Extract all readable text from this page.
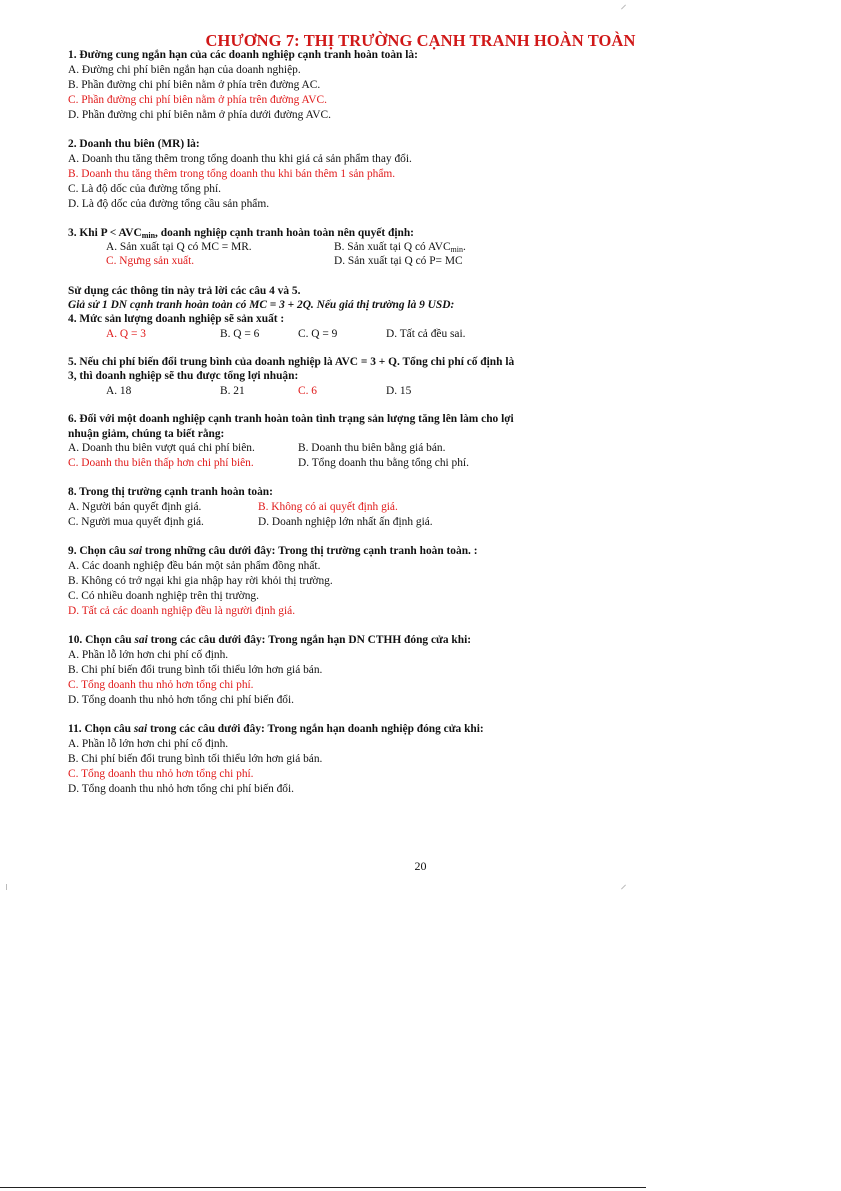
CHƯƠNG 7: THỊ TRƯỜNG CẠNH TRANH HOÀN TOÀN
1. Đường cung ngắn hạn của các doanh nghiệp cạnh tranh hoàn toàn là:
A. Đường chi phí biên ngắn hạn của doanh nghiệp.
B. Phần đường chi phí biên nằm ở phía trên đường AC.
C. Phần đường chi phí biên nằm ở phía trên đường AVC.
D. Phần đường chi phí biên nằm ở phía dưới đường AVC.
2. Doanh thu biên (MR) là:
A. Doanh thu tăng thêm trong tổng doanh thu khi giá cả sản phẩm thay đổi.
B. Doanh thu tăng thêm trong tổng doanh thu khi bán thêm 1 sản phẩm.
C. Là độ dốc của đường tổng phí.
D. Là độ dốc của đường tổng cầu sản phẩm.
3. Khi $P < AVC_{min}$, doanh nghiệp cạnh tranh hoàn toàn nên quyết định:
A. Sản xuất tại Q có MC = MR.	B. Sản xuất tại Q có $AVC_{min}$.
C. Ngưng sản xuất.	D. Sản xuất tại Q có P= MC
Sử dụng các thông tin này trả lời các câu 4 và 5.
Giả sử 1 DN cạnh tranh hoàn toàn có MC = 3 + 2Q. Nếu giá thị trường là 9 USD:
4. Mức sản lượng doanh nghiệp sẽ sản xuất :
A. Q = 3	B. Q = 6	C. Q = 9	D. Tất cả đều sai.
5. Nếu chi phí biến đổi trung bình của doanh nghiệp là AVC = 3 + Q. Tổng chi phí cố định là
3, thì doanh nghiệp sẽ thu được tổng lợi nhuận:
A. 18	B. 21	C. 6	D. 15
6. Đối với một doanh nghiệp cạnh tranh hoàn toàn tình trạng sản lượng tăng lên làm cho lợi
nhuận giảm, chúng ta biết rằng:
A. Doanh thu biên vượt quá chi phí biên.	B. Doanh thu biên bằng giá bán.
C. Doanh thu biên thấp hơn chi phí biên.	D. Tổng doanh thu bằng tổng chi phí.
8. Trong thị trường cạnh tranh hoàn toàn:
A. Người bán quyết định giá.	B. Không có ai quyết định giá.
C. Người mua quyết định giá.	D. Doanh nghiệp lớn nhất ấn định giá.
9. Chọn câu sai trong những câu dưới đây: Trong thị trường cạnh tranh hoàn toàn. :
A. Các doanh nghiệp đều bán một sản phẩm đồng nhất.
B. Không có trở ngại khi gia nhập hay rời khỏi thị trường.
C. Có nhiều doanh nghiệp trên thị trường.
D. Tất cả các doanh nghiệp đều là người định giá.
10. Chọn câu sai trong các câu dưới đây: Trong ngắn hạn DN CTHH đóng cửa khi:
A. Phần lỗ lớn hơn chi phí cố định.
B. Chi phí biến đổi trung bình tối thiểu lớn hơn giá bán.
C. Tổng doanh thu nhỏ hơn tổng chi phí.
D. Tổng doanh thu nhỏ hơn tổng chi phí biến đổi.
11. Chọn câu sai trong các câu dưới đây: Trong ngắn hạn doanh nghiệp đóng cửa khi:
A. Phần lỗ lớn hơn chi phí cố định.
B. Chi phí biến đổi trung bình tối thiểu lớn hơn giá bán.
C. Tổng doanh thu nhỏ hơn tổng chi phí.
D. Tổng doanh thu nhỏ hơn tổng chi phí biến đổi.
20
